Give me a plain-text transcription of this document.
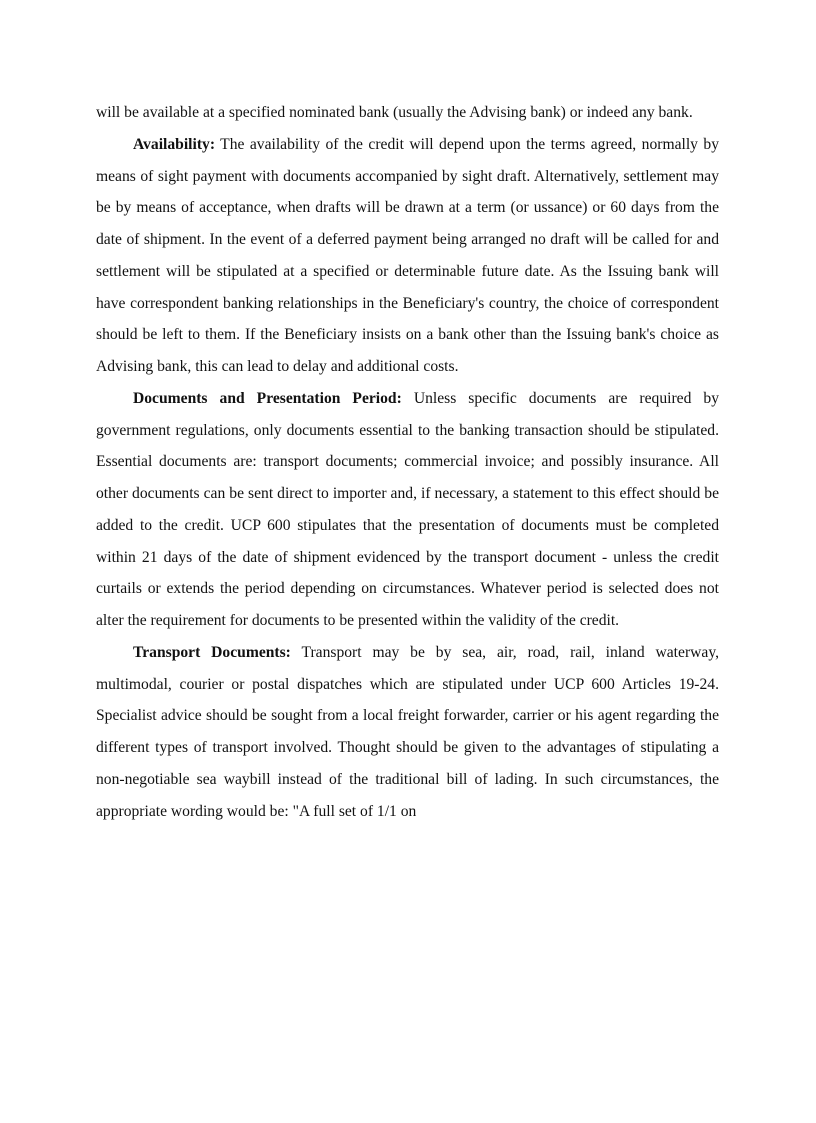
will be available at a specified nominated bank (usually the Advising bank) or indeed any bank.

Availability: The availability of the credit will depend upon the terms agreed, normally by means of sight payment with documents accompanied by sight draft. Alternatively, settlement may be by means of acceptance, when drafts will be drawn at a term (or ussance) or 60 days from the date of shipment. In the event of a deferred payment being arranged no draft will be called for and settlement will be stipulated at a specified or determinable future date. As the Issuing bank will have correspondent banking relationships in the Beneficiary's country, the choice of correspondent should be left to them. If the Beneficiary insists on a bank other than the Issuing bank's choice as Advising bank, this can lead to delay and additional costs.

Documents and Presentation Period: Unless specific documents are required by government regulations, only documents essential to the banking transaction should be stipulated. Essential documents are: transport documents; commercial invoice; and possibly insurance. All other documents can be sent direct to importer and, if necessary, a statement to this effect should be added to the credit. UCP 600 stipulates that the presentation of documents must be completed within 21 days of the date of shipment evidenced by the transport document - unless the credit curtails or extends the period depending on circumstances. Whatever period is selected does not alter the requirement for documents to be presented within the validity of the credit.

Transport Documents: Transport may be by sea, air, road, rail, inland waterway, multimodal, courier or postal dispatches which are stipulated under UCP 600 Articles 19-24. Specialist advice should be sought from a local freight forwarder, carrier or his agent regarding the different types of transport involved. Thought should be given to the advantages of stipulating a non-negotiable sea waybill instead of the traditional bill of lading. In such circumstances, the appropriate wording would be: "A full set of 1/1 on
